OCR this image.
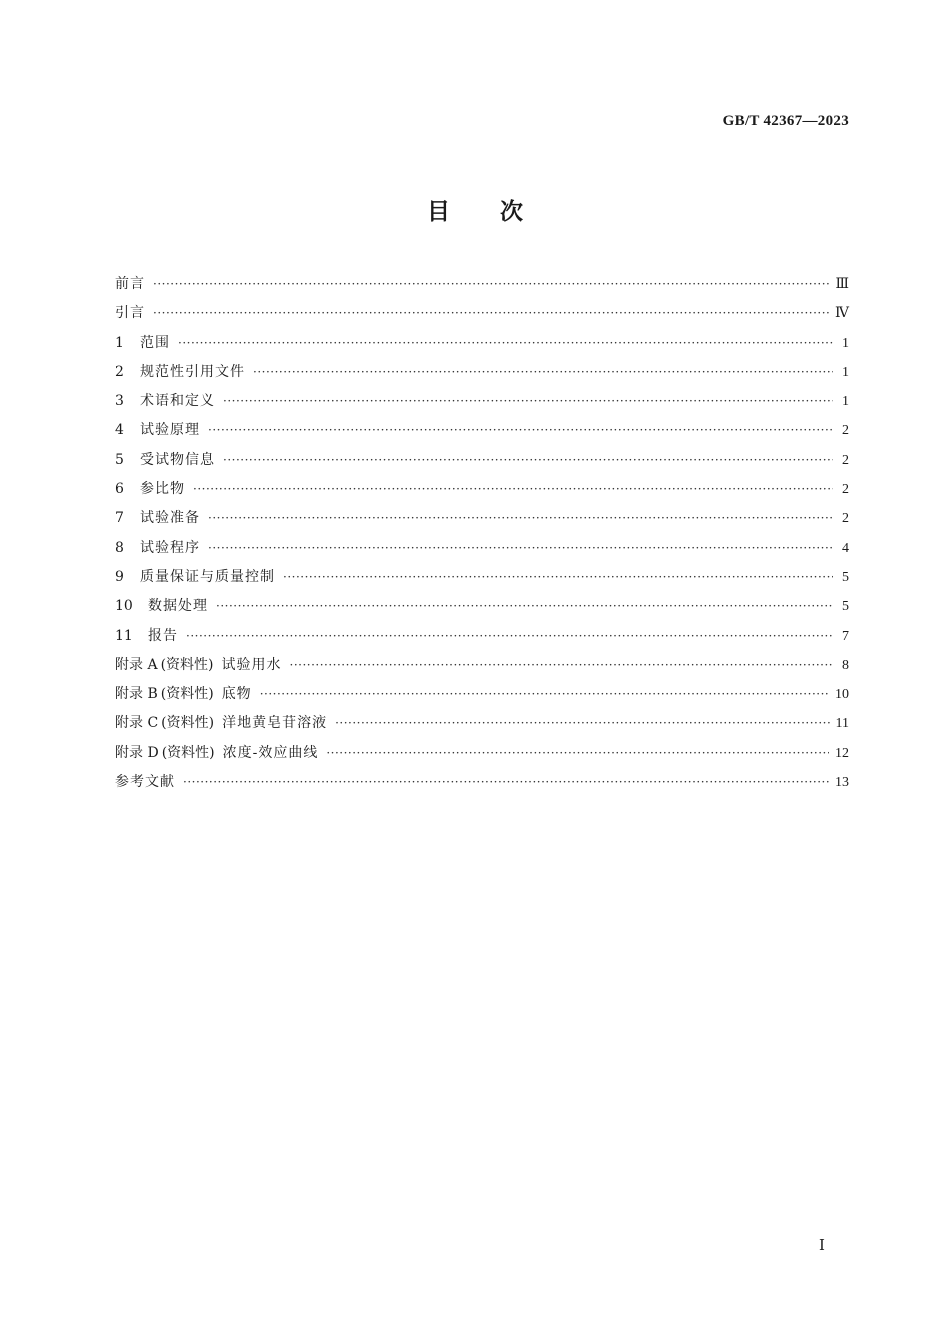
GB/T 42367—2023
目次
前言 ·····	Ⅲ
引言 ·····	Ⅳ
1	范围 ·····	1
2	规范性引用文件 ·····	1
3	术语和定义 ·····	1
4	试验原理 ·····	2
5	受试物信息 ·····	2
6	参比物 ·····	2
7	试验准备 ·····	2
8	试验程序 ·····	4
9	质量保证与质量控制 ·····	5
10	数据处理 ·····	5
11	报告 ·····	7
附录 A (资料性) 试验用水 ·····	8
附录 B (资料性) 底物 ·····	10
附录 C (资料性) 洋地黄皂苷溶液 ·····	11
附录 D (资料性) 浓度-效应曲线 ·····	12
参考文献 ·····	13
Ⅰ
